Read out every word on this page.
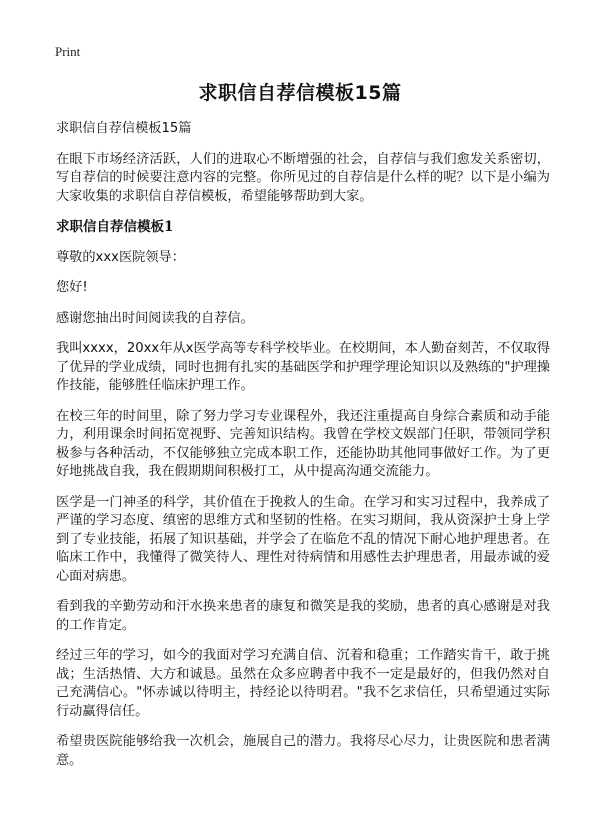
Print
求职信自荐信模板15篇

求职信自荐信模板15篇

在眼下市场经济活跃，人们的进取心不断增强的社会，自荐信与我们愈发关系密切，写自荐信的时候要注意内容的完整。你所见过的自荐信是什么样的呢？以下是小编为大家收集的求职信自荐信模板，希望能够帮助到大家。

求职信自荐信模板1

尊敬的xxx医院领导：

您好!

感谢您抽出时间阅读我的自荐信。

我叫xxxx，20xx年从x医学高等专科学校毕业。在校期间，本人勤奋刻苦，不仅取得了优异的学业成绩，同时也拥有扎实的基础医学和护理学理论知识以及熟练的"护理操作技能，能够胜任临床护理工作。

在校三年的时间里，除了努力学习专业课程外，我还注重提高自身综合素质和动手能力，利用课余时间拓宽视野、完善知识结构。我曾在学校文娱部门任职，带领同学积极参与各种活动，不仅能够独立完成本职工作，还能协助其他同事做好工作。为了更好地挑战自我，我在假期期间积极打工，从中提高沟通交流能力。

医学是一门神圣的科学，其价值在于挽救人的生命。在学习和实习过程中，我养成了严谨的学习态度、缜密的思维方式和坚韧的性格。在实习期间，我从资深护士身上学到了专业技能，拓展了知识基础，并学会了在临危不乱的情况下耐心地护理患者。在临床工作中，我懂得了微笑待人、理性对待病情和用感性去护理患者，用最赤诚的爱心面对病患。

看到我的辛勤劳动和汗水换来患者的康复和微笑是我的奖励，患者的真心感谢是对我的工作肯定。

经过三年的学习，如今的我面对学习充满自信、沉着和稳重；工作踏实肯干，敢于挑战；生活热情、大方和诚恳。虽然在众多应聘者中我不一定是最好的，但我仍然对自己充满信心。"怀赤诚以待明主，持经论以待明君。"我不乞求信任，只希望通过实际行动赢得信任。

希望贵医院能够给我一次机会，施展自己的潜力。我将尽心尽力，让贵医院和患者满意。
